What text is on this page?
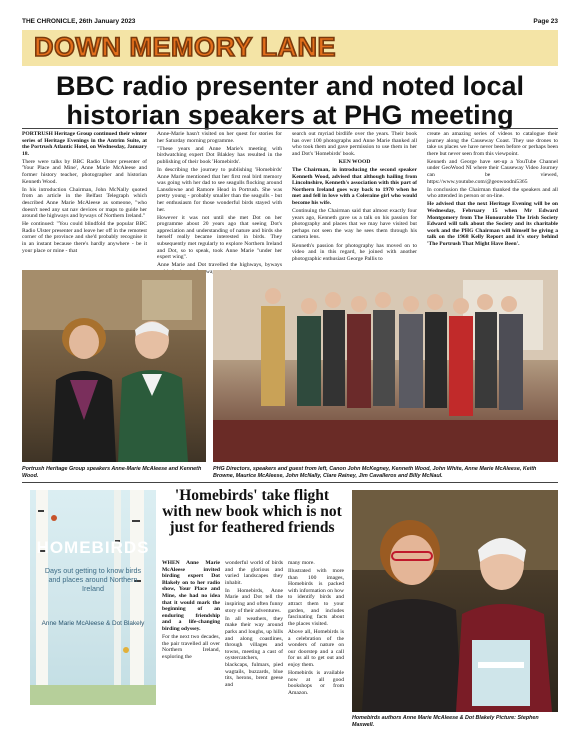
THE CHRONICLE, 26th January 2023	Page 23
DOWN MEMORY LANE
BBC radio presenter and noted local historian speakers at PHG meeting

PORTRUSH Heritage Group continued their winter series of Heritage Evenings in the Antrim Suite, at the Portrush Atlantic Hotel, on Wednesday, January 18.

There were talks by BBC Radio Ulster presenter of 'Your Place and Mine', Anne Marie McAleese and former history teacher, photographer and historian Kenneth Wood.

In his introduction Chairman, John McNally quoted from an article in the Belfast Telegraph which described Anne Marie McAleese as someone, "who doesn't need any sat nav devices or maps to guide her around the highways and byways of Northern Ireland."

He continued: "You could blindfold the popular BBC Radio Ulster presenter and leave her off in the remotest corner of the province and she'd probably recognise it in an instant because there's hardly anywhere - be it your place or mine - that

Anne-Marie hasn't visited on her quest for stories for her Saturday morning programme.

"These years and Anne Marie's meeting with birdwatching expert Dot Blakley has resulted in the publishing of their book 'Homebirds'.

In describing the journey to publishing 'Homebirds' Anne Marie mentioned that her first real bird memory was going with her dad to see seagulls flocking around Lansdowne and Ramore Head in Portrush. She was pretty young - probably smaller than the seagulls - but her enthusiasm for those wonderful birds stayed with her.

However it was not until she met Dot on her programme about 20 years ago that seeing Dot's appreciation and understanding of nature and birds she herself really became interested in birds. They subsequently met regularly to explore Northern Ireland and Dot, so to speak, took Anne Marie "under her expert wing".

Anne Marie and Dot travelled the highways, byways laneways

search out myriad birdlife over the years. Their book has over 100 photographs and Anne Marie thanked all who took them and gave permission to use them in her and Dot's 'Homebirds' book.

KEN WOOD

The Chairman, in introducing the second speaker Kenneth Wood, advised that although hailing from Lincolnshire, Kenneth's association with this part of Northern Ireland goes way back to 1970 when he met and fell in love with a Coleraine girl who would become his wife.

Continuing the Chairman said that almost exactly four years ago, Kenneth gave us a talk on his passion for photography and places that we may have visited but perhaps not seen the way he sees them through his camera lens.

Kenneth's passion for photography has moved on to video and in this regard, he joined with another photographic enthusiast George Pallis to

create an amazing series of videos to catalogue their journey along the Causeway Coast. They use drones to take us places we have never been before or perhaps been there but never seen from this viewpoint.

Kenneth and George have set-up a YouTube Channel under GeoWood NI where their Causeway Video Journey can be viewed, https://www.youtube.com/@geowoodni5365

In conclusion the Chairman thanked the speakers and all who attended in person or on-line.

He advised that the next Heritage Evening will be on Wednesday, February 15 when Mr Edward Montgomery from The Honourable The Irish Society Edward will talk about the Society and its charitable work and the PHG Chairman will himself be giving a talk on the 1968 Kelly Report and it's story behind 'The Portrush That Might Have Been'.

Portrush Heritage Group speakers Anne-Marie McAleese and Kenneth Wood.
PHG Directors, speakers and guest from left, Canon John McKegney, Kenneth Wood, John White, Anne Marie McAleese, Keith Browne, Maurice McAleese, John McNally, Clare Rainey, Jim Cavalleros and Billy McNaul.
HOMEBIRDS
Days out getting to know birds and places around Northern Ireland
Anne Marie McAleese & Dot Blakely
'Homebirds' take flight with new book which is not just for feathered friends

WHEN Anne Marie McAleese invited birding expert Dot Blakely on to her radio show, Your Place and Mine, she had no idea that it would mark the beginning of an enduring friendship and a life-changing birding odyssey.

For the next two decades, the pair travelled all over Northern Ireland, exploring the

wonderful world of birds and the glorious and varied landscapes they inhabit.

In Homebirds, Anne Marie and Dot tell the inspiring and often funny story of their adventures.

In all weathers, they make their way around parks and loughs, up hills and along coastlines, through villages and towns, meeting a cast of oystercatchers, blackcaps, fulmars, pied wagtails, buzzards, blue tits, herons, brent geese and

many more.

Illustrated with more than 100 images, Homebirds is packed with information on how to identify birds and attract them to your garden, and includes fascinating facts about the places visited.

Above all, Homebirds is a celebration of the wonders of nature on our doorstep and a call for us all to get out and enjoy them.

Homebirds is available now at all good bookshops or from Amazon.

Homebirds authors Anne Marie McAleese & Dot Blakely Picture: Stephen Maxwell.
